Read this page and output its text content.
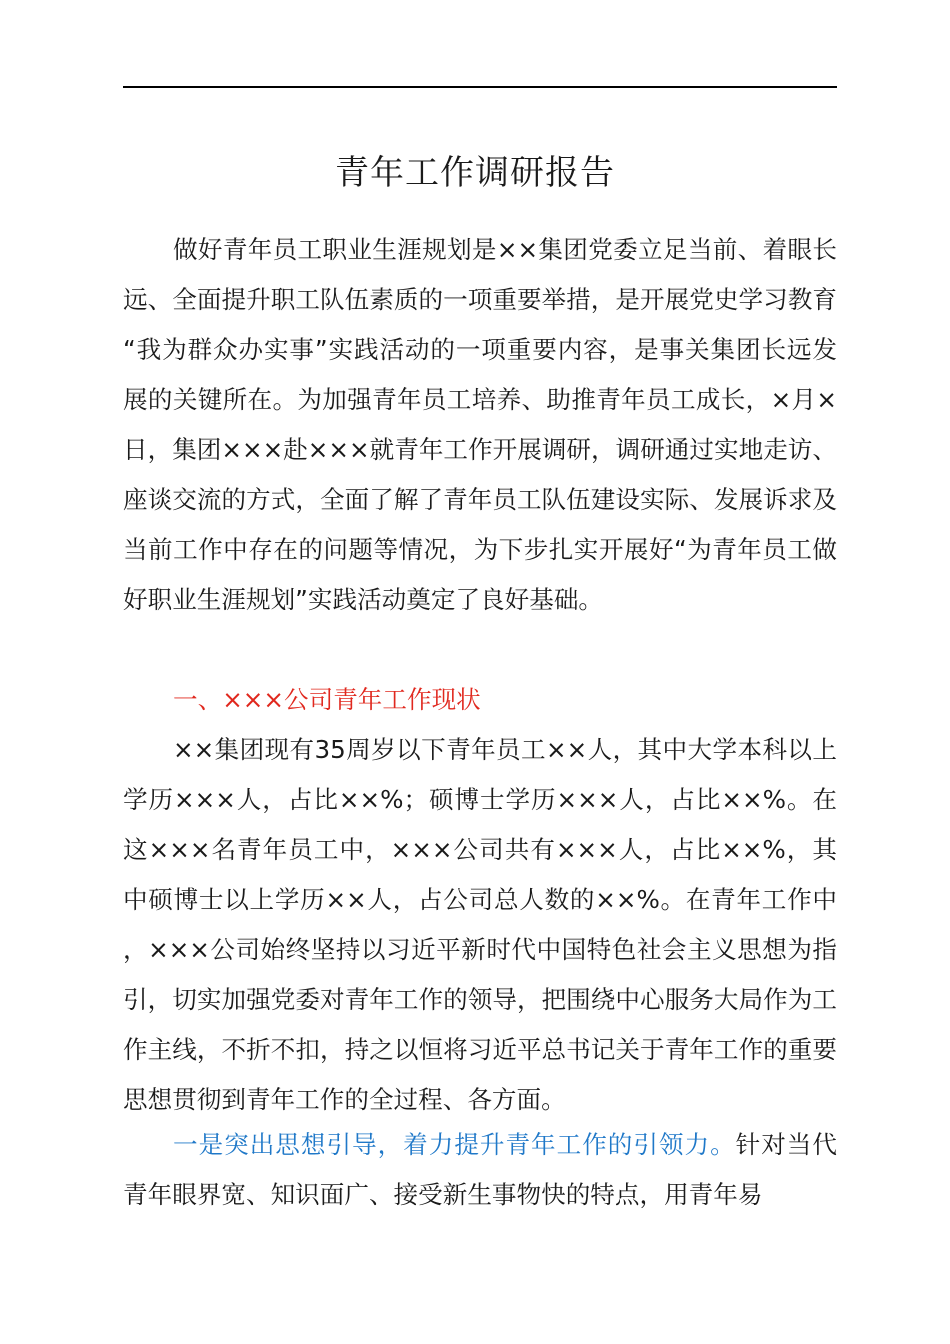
青年工作调研报告

做好青年员工职业生涯规划是××集团党委立足当前、着眼长远、全面提升职工队伍素质的一项重要举措，是开展党史学习教育“我为群众办实事”实践活动的一项重要内容，是事关集团长远发展的关键所在。为加强青年员工培养、助推青年员工成长，×月×日，集团×××赴×××就青年工作开展调研，调研通过实地走访、座谈交流的方式，全面了解了青年员工队伍建设实际、发展诉求及当前工作中存在的问题等情况，为下步扎实开展好“为青年员工做好职业生涯规划”实践活动奠定了良好基础。

一、×××公司青年工作现状

××集团现有35周岁以下青年员工××人，其中大学本科以上学历×××人，占比××%；硕博士学历×××人，占比××%。在这×××名青年员工中，×××公司共有×××人，占比××%，其中硕博士以上学历××人，占公司总人数的××%。在青年工作中，×××公司始终坚持以习近平新时代中国特色社会主义思想为指引，切实加强党委对青年工作的领导，把围绕中心服务大局作为工作主线，不折不扣，持之以恒将习近平总书记关于青年工作的重要思想贯彻到青年工作的全过程、各方面。

一是突出思想引导，着力提升青年工作的引领力。针对当代青年眼界宽、知识面广、接受新生事物快的特点，用青年易
